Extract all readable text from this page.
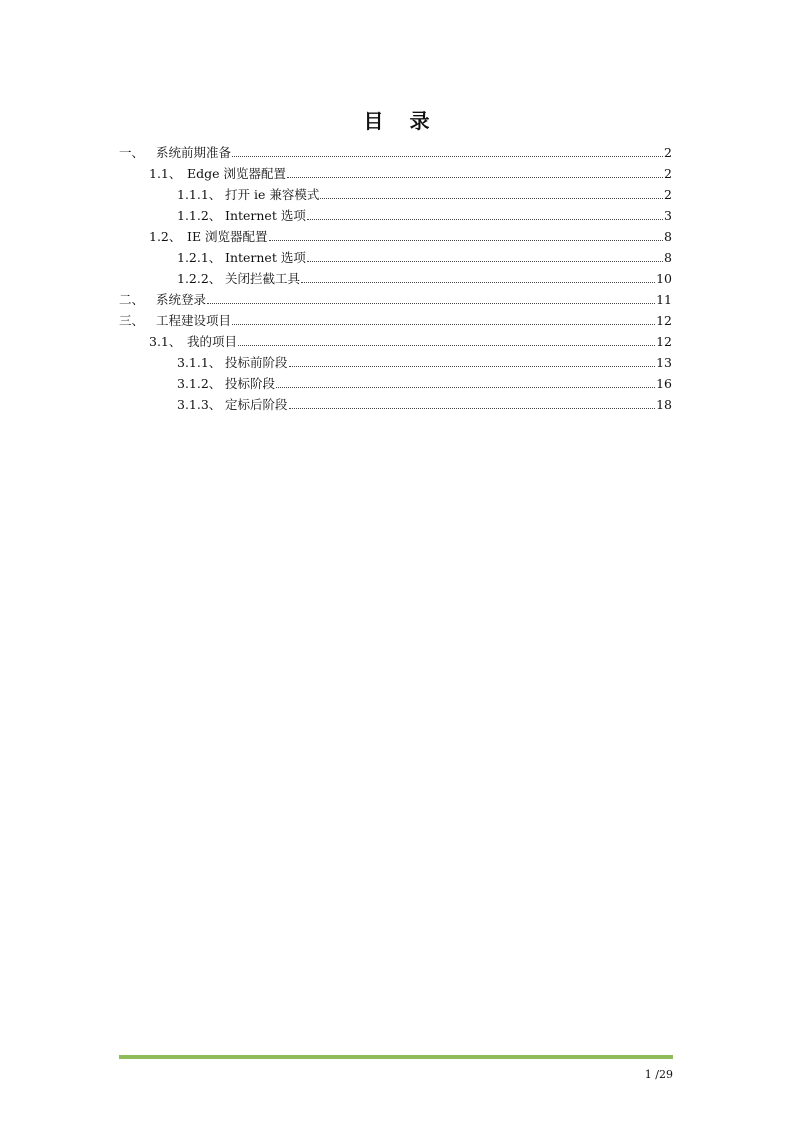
目 录
一、 系统前期准备	2
1.1、 Edge 浏览器配置	2
1.1.1、 打开 ie 兼容模式	2
1.1.2、 Internet 选项	3
1.2、 IE 浏览器配置	8
1.2.1、 Internet 选项	8
1.2.2、 关闭拦截工具	10
二、 系统登录	11
三、 工程建设项目	12
3.1、 我的项目	12
3.1.1、 投标前阶段	13
3.1.2、 投标阶段	16
3.1.3、 定标后阶段	18
1 /29
